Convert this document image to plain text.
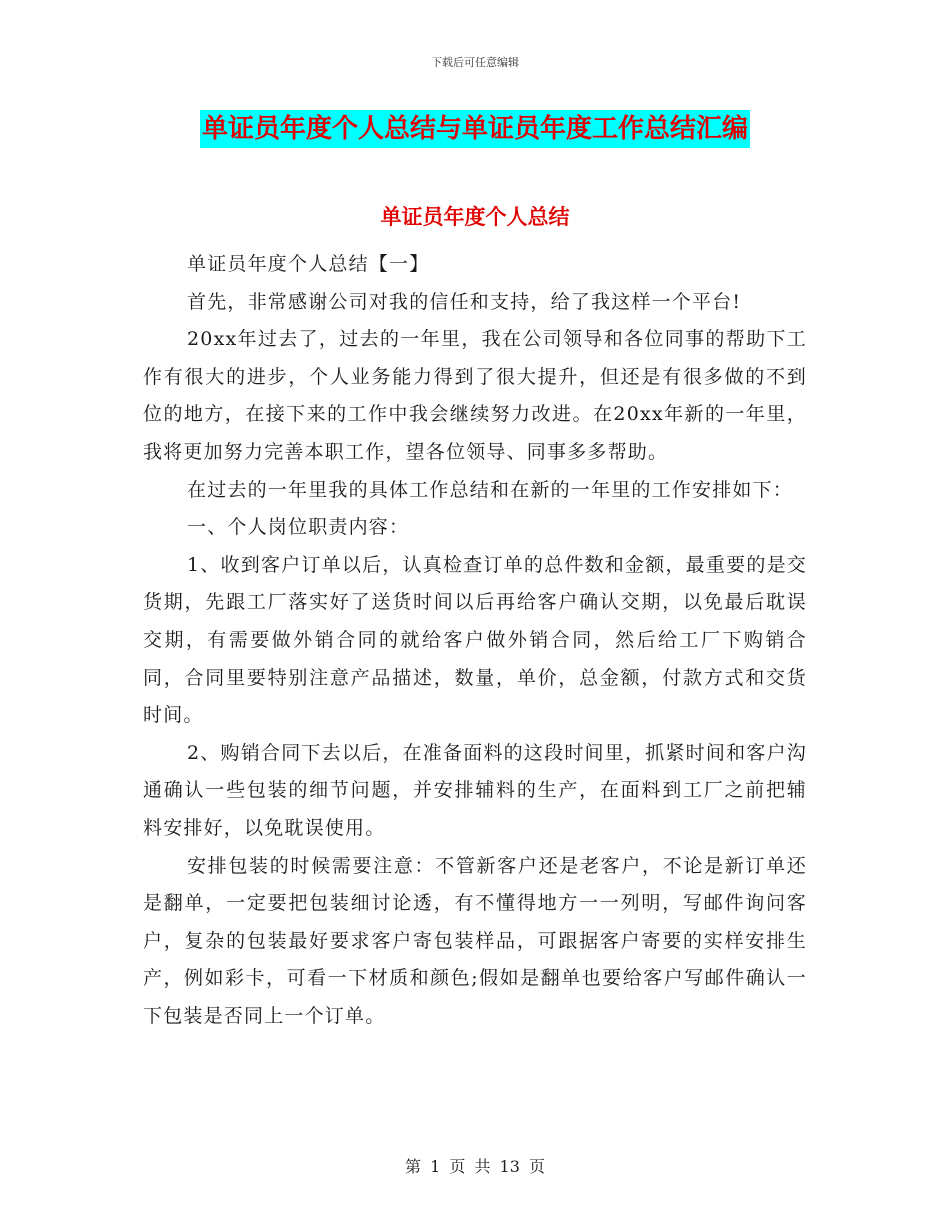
下载后可任意编辑
单证员年度个人总结与单证员年度工作总结汇编
单证员年度个人总结

单证员年度个人总结【一】

首先，非常感谢公司对我的信任和支持，给了我这样一个平台!

20xx年过去了，过去的一年里，我在公司领导和各位同事的帮助下工作有很大的进步，个人业务能力得到了很大提升，但还是有很多做的不到位的地方，在接下来的工作中我会继续努力改进。在20xx年新的一年里，我将更加努力完善本职工作，望各位领导、同事多多帮助。

在过去的一年里我的具体工作总结和在新的一年里的工作安排如下：

一、个人岗位职责内容：

1、收到客户订单以后，认真检查订单的总件数和金额，最重要的是交货期，先跟工厂落实好了送货时间以后再给客户确认交期，以免最后耽误交期，有需要做外销合同的就给客户做外销合同，然后给工厂下购销合同，合同里要特别注意产品描述，数量，单价，总金额，付款方式和交货时间。

2、购销合同下去以后，在准备面料的这段时间里，抓紧时间和客户沟通确认一些包装的细节问题，并安排辅料的生产，在面料到工厂之前把辅料安排好，以免耽误使用。

安排包装的时候需要注意：不管新客户还是老客户，不论是新订单还是翻单，一定要把包装细讨论透，有不懂得地方一一列明，写邮件询问客户，复杂的包装最好要求客户寄包装样品，可跟据客户寄要的实样安排生产，例如彩卡，可看一下材质和颜色;假如是翻单也要给客户写邮件确认一下包装是否同上一个订单。

第 1 页 共 13 页
